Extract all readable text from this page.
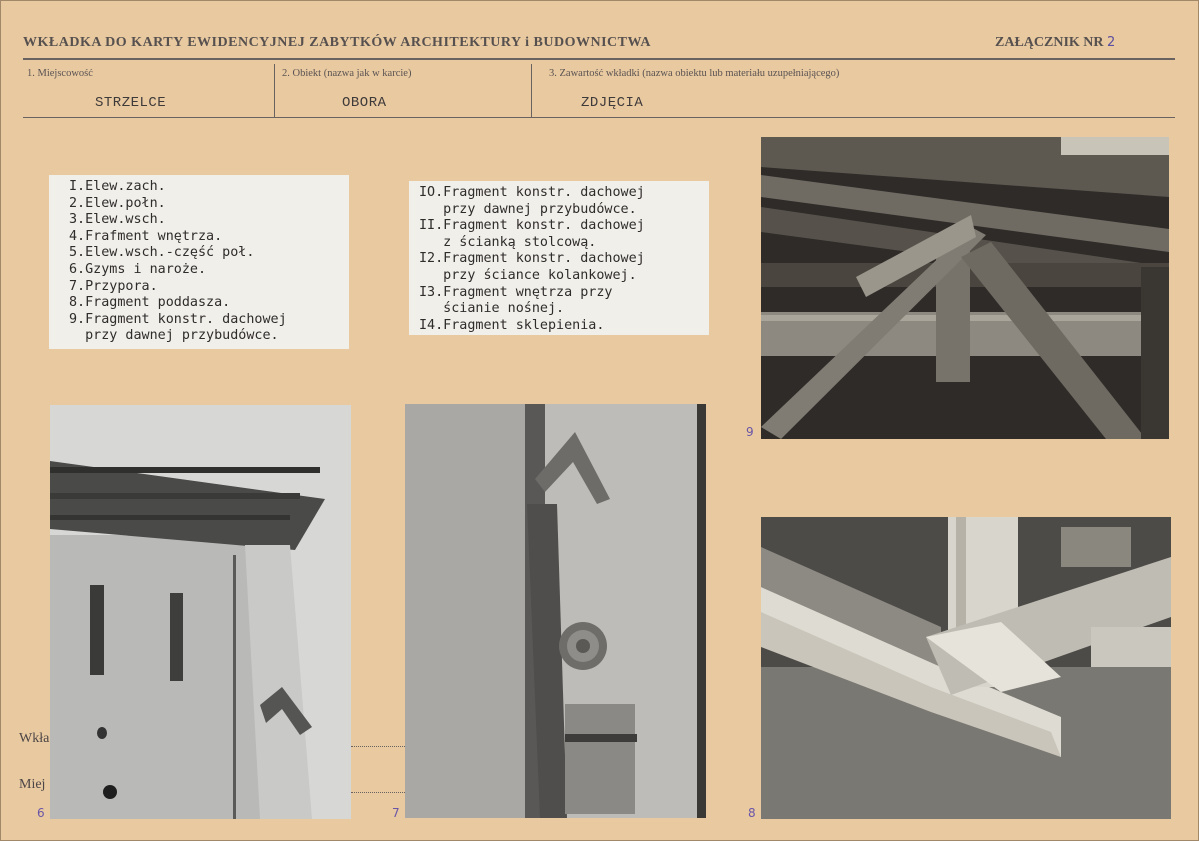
WKŁADKA DO KARTY EWIDENCYJNEJ ZABYTKÓW ARCHITEKTURY i BUDOWNICTWA	ZAŁĄCZNIK NR 2
1. Miejscowość
STRZELCE
2. Obiekt (nazwa jak w karcie)
OBORA
3. Zawartość wkładki (nazwa obiektu lub materiału uzupełniającego)
ZDJĘCIA
Wkła
Miej
I.Elew.zach.
2.Elew.połn.
3.Elew.wsch.
4.Frafment wnętrza.
5.Elew.wsch.-część poł.
6.Gzyms i naroże.
7.Przypora.
8.Fragment poddasza.
9.Fragment konstr. dachowej
przy dawnej przybudówce.
IO.Fragment konstr. dachowej
przy dawnej przybudówce.
II.Fragment konstr. dachowej
z ścianką stolcową.
I2.Fragment konstr. dachowej
przy ściance kolankowej.
I3.Fragment wnętrza przy
ścianie nośnej.
I4.Fragment sklepienia.
9
6	7	8
